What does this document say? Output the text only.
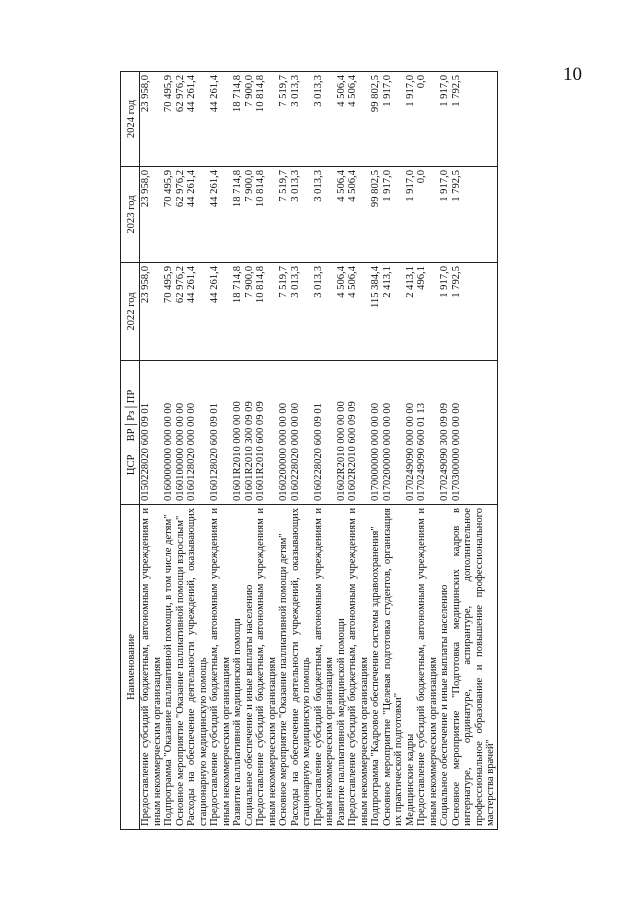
10
Наименование	ЦСР     ВР│Рз│ПР	2022 год	2023 год	2024 год
Предоставление субсидий бюджетным, автономным учреждениям и иным некоммерческим организациям	0150228020 600 09 01	23 958,0	23 958,0	23 958,0

Подпрограмма "Оказание паллиативной помощи, в том числе детям"	0160000000 000 00 00	70 495,9	70 495,9	70 495,9

Основное мероприятие "Оказание паллиативной помощи взрослым"	0160100000 000 00 00	62 976,2	62 976,2	62 976,2

Расходы на обеспечение деятельности учреждений, оказывающих стационарную медицинскую помощь	0160128020 000 00 00	44 261,4	44 261,4	44 261,4

Предоставление субсидий бюджетным, автономным учреждениям и иным некоммерческим организациям	0160128020 600 09 01	44 261,4	44 261,4	44 261,4

Развитие паллиативной медицинской помощи	01601R2010 000 00 00	18 714,8	18 714,8	18 714,8

Социальное обеспечение и иные выплаты населению	01601R2010 300 09 09	7 900,0	7 900,0	7 900,0

Предоставление субсидий бюджетным, автономным учреждениям и иным некоммерческим организациям	01601R2010 600 09 09	10 814,8	10 814,8	10 814,8

Основное мероприятие "Оказание паллиативной помощи детям"	0160200000 000 00 00	7 519,7	7 519,7	7 519,7

Расходы на обеспечение деятельности учреждений, оказывающих стационарную медицинскую помощь	0160228020 000 00 00	3 013,3	3 013,3	3 013,3

Предоставление субсидий бюджетным, автономным учреждениям и иным некоммерческим организациям	0160228020 600 09 01	3 013,3	3 013,3	3 013,3

Развитие паллиативной медицинской помощи	01602R2010 000 00 00	4 506,4	4 506,4	4 506,4

Предоставление субсидий бюджетным, автономным учреждениям и иным некоммерческим организациям	01602R2010 600 09 09	4 506,4	4 506,4	4 506,4

Подпрограмма "Кадровое обеспечение системы здравоохранения"	0170000000 000 00 00	115 384,4	99 802,5	99 802,5

Основное мероприятие "Целевая подготовка студентов, организация их практической подготовки"	0170200000 000 00 00	2 413,1	1 917,0	1 917,0

Медицинские кадры	0170249090 000 00 00	2 413,1	1 917,0	1 917,0

Предоставление субсидий бюджетным, автономным учреждениям и иным некоммерческим организациям	0170249090 600 01 13	496,1	0,0	0,0

Социальное обеспечение и иные выплаты населению	0170249090 300 09 09	1 917,0	1 917,0	1 917,0

Основное мероприятие "Подготовка медицинских кадров в интернатуре, ординатуре, аспирантуре, дополнительное профессиональное образование и повышение профессионального мастерства врачей"	0170300000 000 00 00	1 792,5	1 792,5	1 792,5
